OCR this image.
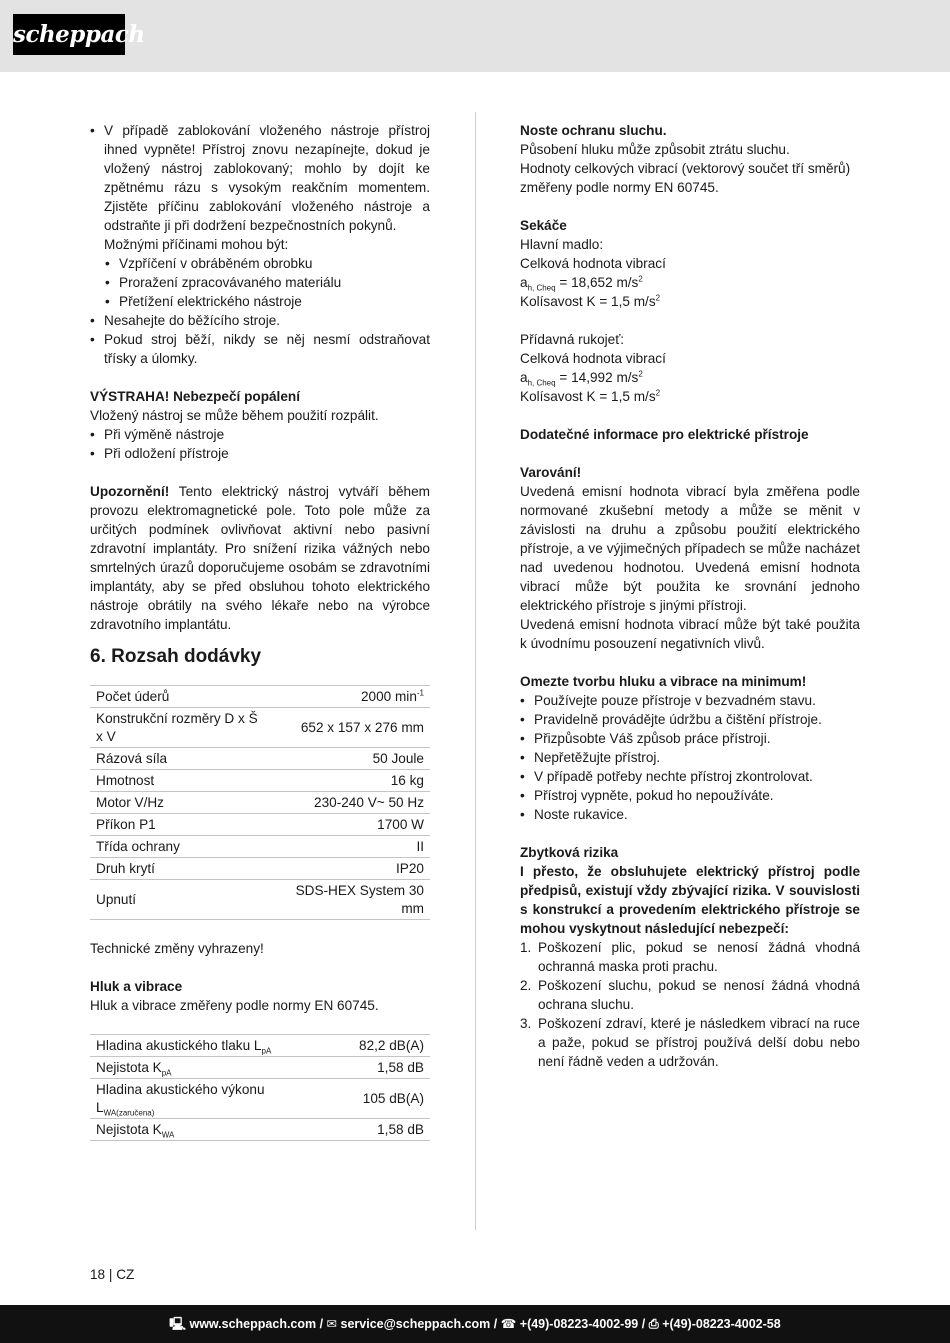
scheppach

• V případě zablokování vloženého nástroje přístroj ihned vypněte! Přístroj znovu nezapínejte, dokud je vložený nástroj zablokovaný; mohlo by dojít ke zpětnému rázu s vysokým reakčním momentem. Zjistěte příčinu zablokování vloženého nástroje a odstraňte ji při dodržení bezpečnostních pokynů.

Možnými příčinami mohou být:

• Vzpříčení v obráběném obrobku

• Proražení zpracovávaného materiálu

• Přetížení elektrického nástroje

• Nesahejte do běžícího stroje.

• Pokud stroj běží, nikdy se něj nesmí odstraňovat třísky a úlomky.

VÝSTRAHA! Nebezpečí popálení

Vložený nástroj se může během použití rozpálit.

• Při výměně nástroje

• Při odložení přístroje

Upozornění! Tento elektrický nástroj vytváří během provozu elektromagnetické pole. Toto pole může za určitých podmínek ovlivňovat aktivní nebo pasivní zdravotní implantáty. Pro snížení rizika vážných nebo smrtelných úrazů doporučujeme osobám se zdravotními implantáty, aby se před obsluhou tohoto elektrického nástroje obrátily na svého lékaře nebo na výrobce zdravotního implantátu.

6. Rozsah dodávky
Počet úderů	2000 $\min^{-1}$
Konstrukční rozměry D x Š x V	652 x 157 x 276 mm
Rázová síla	50 Joule
Hmotnost	16 kg
Motor V/Hz	230-240 V~ 50 Hz
Příkon P1	1700 W
Třída ochrany	II
Druh krytí	IP20
Upnutí	SDS-HEX System 30 mm

Technické změny vyhrazeny!

Hluk a vibrace

Hluk a vibrace změřeny podle normy EN 60745.

Hladina akustického tlaku $L_{pA}$	82,2 dB(A)
Nejistota $K_{pA}$	1,58 dB
Hladina akustického výkonu $L_{WA(zaručena)}$	105 dB(A)
Nejistota $K_{WA}$	1,58 dB

Noste ochranu sluchu.

Působení hluku může způsobit ztrátu sluchu.

Hodnoty celkových vibrací (vektorový součet tří směrů) změřeny podle normy EN 60745.

Sekáče

Hlavní madlo:

Celková hodnota vibrací

$a_{h, Cheq} = 18,652$ $m/s^2$

Kolísavost K = 1,5 $m/s^2$

Přídavná rukojeť:

Celková hodnota vibrací

$a_{h, Cheq} = 14,992$ $m/s^2$

Kolísavost K = 1,5 $m/s^2$

Dodatečné informace pro elektrické přístroje

Varování!

Uvedená emisní hodnota vibrací byla změřena podle normované zkušební metody a může se měnit v závislosti na druhu a způsobu použití elektrického přístroje, a ve výjimečných případech se může nacházet nad uvedenou hodnotou. Uvedená emisní hodnota vibrací může být použita ke srovnání jednoho elektrického přístroje s jinými přístroji.

Uvedená emisní hodnota vibrací může být také použita k úvodnímu posouzení negativních vlivů.

Omezte tvorbu hluku a vibrace na minimum!

• Používejte pouze přístroje v bezvadném stavu.

• Pravidelně provádějte údržbu a čištění přístroje.

• Přizpůsobte Váš způsob práce přístroji.

• Nepřetěžujte přístroj.

• V případě potřeby nechte přístroj zkontrolovat.

• Přístroj vypněte, pokud ho nepoužíváte.

• Noste rukavice.

Zbytková rizika

I přesto, že obsluhujete elektrický přístroj podle předpisů, existují vždy zbývající rizika. V souvislosti s konstrukcí a provedením elektrického přístroje se mohou vyskytnout následující nebezpečí:

1. Poškození plic, pokud se nenosí žádná vhodná ochranná maska proti prachu.

2. Poškození sluchu, pokud se nenosí žádná vhodná ochrana sluchu.

3. Poškození zdraví, které je následkem vibrací na ruce a paže, pokud se přístroj používá delší dobu nebo není řádně veden a udržován.

18 | CZ
🖳 www.scheppach.com / ✉ service@scheppach.com / ☎ +(49)-08223-4002-99 / ⎙ +(49)-08223-4002-58
